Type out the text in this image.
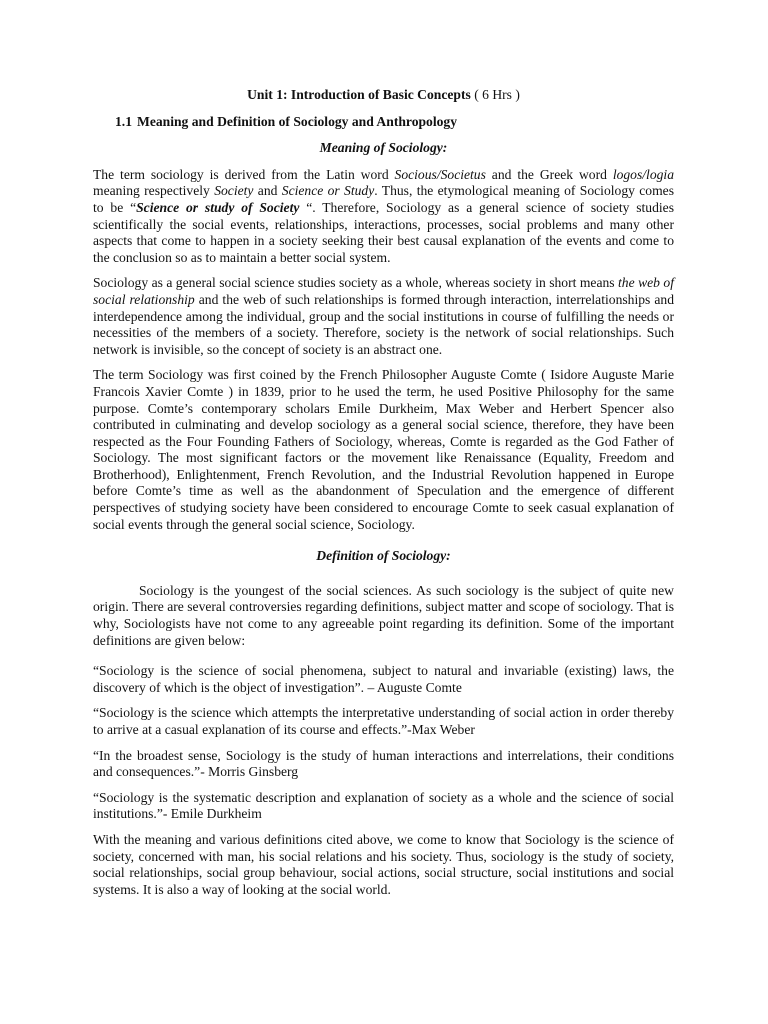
Unit 1: Introduction of Basic Concepts ( 6 Hrs )
1.1 Meaning and Definition of Sociology and Anthropology
Meaning of Sociology:

The term sociology is derived from the Latin word Socious/Societus and the Greek word logos/logia meaning respectively Society and Science or Study. Thus, the etymological meaning of Sociology comes to be “Science or study of Society “. Therefore, Sociology as a general science of society studies scientifically the social events, relationships, interactions, processes, social problems and many other aspects that come to happen in a society seeking their best causal explanation of the events and come to the conclusion so as to maintain a better social system.

Sociology as a general social science studies society as a whole, whereas society in short means the web of social relationship and the web of such relationships is formed through interaction, interrelationships and interdependence among the individual, group and the social institutions in course of fulfilling the needs or necessities of the members of a society. Therefore, society is the network of social relationships. Such network is invisible, so the concept of society is an abstract one.

The term Sociology was first coined by the French Philosopher Auguste Comte ( Isidore Auguste Marie Francois Xavier Comte ) in 1839, prior to he used the term, he used Positive Philosophy for the same purpose. Comte’s contemporary scholars Emile Durkheim, Max Weber and Herbert Spencer also contributed in culminating and develop sociology as a general social science, therefore, they have been respected as the Four Founding Fathers of Sociology, whereas, Comte is regarded as the God Father of Sociology. The most significant factors or the movement like Renaissance (Equality, Freedom and Brotherhood), Enlightenment, French Revolution, and the Industrial Revolution happened in Europe before Comte’s time as well as the abandonment of Speculation and the emergence of different perspectives of studying society have been considered to encourage Comte to seek casual explanation of social events through the general social science, Sociology.

Definition of Sociology:

Sociology is the youngest of the social sciences. As such sociology is the subject of quite new origin. There are several controversies regarding definitions, subject matter and scope of sociology. That is why, Sociologists have not come to any agreeable point regarding its definition. Some of the important definitions are given below:

“Sociology is the science of social phenomena, subject to natural and invariable (existing) laws, the discovery of which is the object of investigation”. – Auguste Comte

“Sociology is the science which attempts the interpretative understanding of social action in order thereby to arrive at a casual explanation of its course and effects.”-Max Weber

“In the broadest sense, Sociology is the study of human interactions and interrelations, their conditions and consequences.”- Morris Ginsberg

“Sociology is the systematic description and explanation of society as a whole and the science of social institutions.”- Emile Durkheim

With the meaning and various definitions cited above, we come to know that Sociology is the science of society, concerned with man, his social relations and his society. Thus, sociology is the study of society, social relationships, social group behaviour, social actions, social structure, social institutions and social systems. It is also a way of looking at the social world.
